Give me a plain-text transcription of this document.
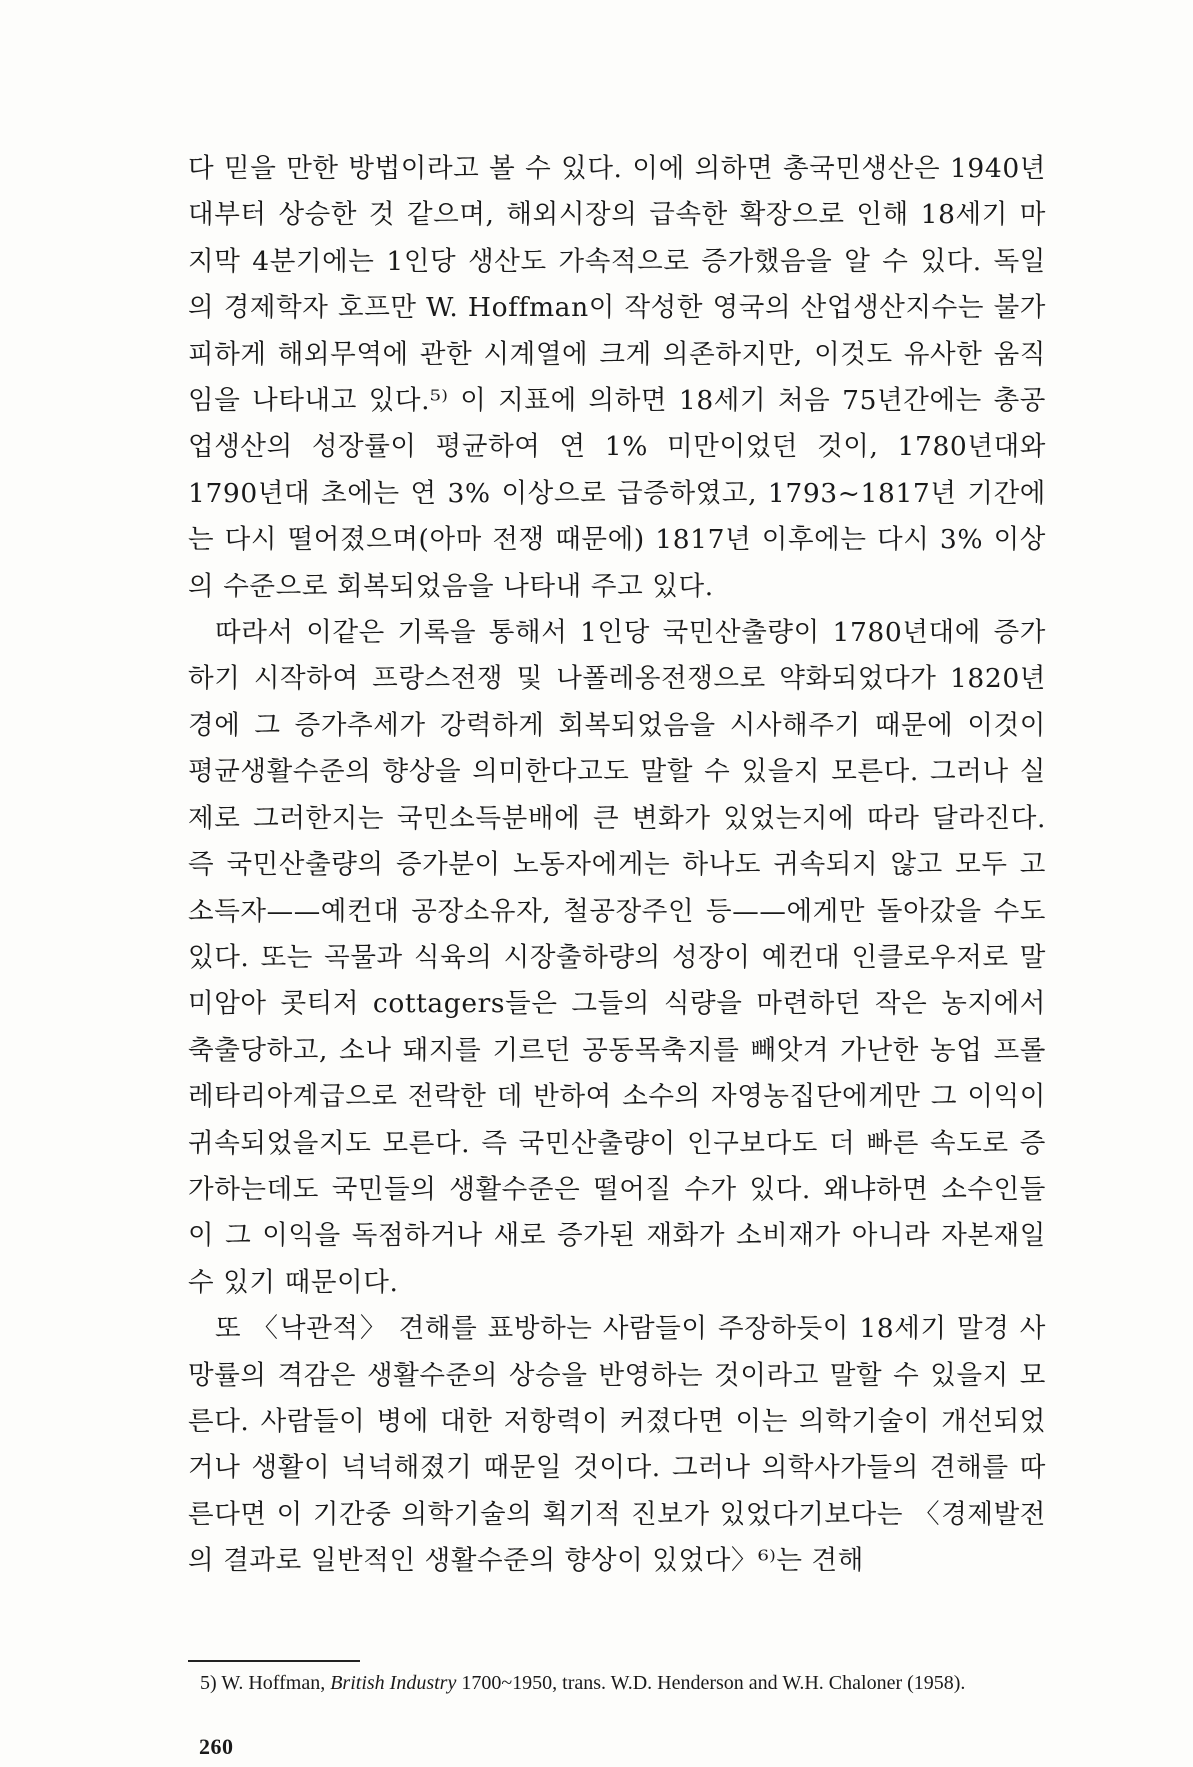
다 믿을 만한 방법이라고 볼 수 있다. 이에 의하면 총국민생산은 1940년대부터 상승한 것 같으며, 해외시장의 급속한 확장으로 인해 18세기 마지막 4분기에는 1인당 생산도 가속적으로 증가했음을 알 수 있다. 독일의 경제학자 호프만 W. Hoffman이 작성한 영국의 산업생산지수는 불가피하게 해외무역에 관한 시계열에 크게 의존하지만, 이것도 유사한 움직임을 나타내고 있다.⁵⁾ 이 지표에 의하면 18세기 처음 75년간에는 총공업생산의 성장률이 평균하여 연 1% 미만이었던 것이, 1780년대와 1790년대 초에는 연 3% 이상으로 급증하였고, 1793~1817년 기간에는 다시 떨어졌으며(아마 전쟁 때문에) 1817년 이후에는 다시 3% 이상의 수준으로 회복되었음을 나타내 주고 있다.

따라서 이같은 기록을 통해서 1인당 국민산출량이 1780년대에 증가하기 시작하여 프랑스전쟁 및 나폴레옹전쟁으로 약화되었다가 1820년 경에 그 증가추세가 강력하게 회복되었음을 시사해주기 때문에 이것이 평균생활수준의 향상을 의미한다고도 말할 수 있을지 모른다. 그러나 실제로 그러한지는 국민소득분배에 큰 변화가 있었는지에 따라 달라진다. 즉 국민산출량의 증가분이 노동자에게는 하나도 귀속되지 않고 모두 고소득자——예컨대 공장소유자, 철공장주인 등——에게만 돌아갔을 수도 있다. 또는 곡물과 식육의 시장출하량의 성장이 예컨대 인클로우저로 말미암아 콧티저 cottagers들은 그들의 식량을 마련하던 작은 농지에서 축출당하고, 소나 돼지를 기르던 공동목축지를 빼앗겨 가난한 농업 프롤레타리아계급으로 전락한 데 반하여 소수의 자영농집단에게만 그 이익이 귀속되었을지도 모른다. 즉 국민산출량이 인구보다도 더 빠른 속도로 증가하는데도 국민들의 생활수준은 떨어질 수가 있다. 왜냐하면 소수인들이 그 이익을 독점하거나 새로 증가된 재화가 소비재가 아니라 자본재일 수 있기 때문이다.

또 〈낙관적〉 견해를 표방하는 사람들이 주장하듯이 18세기 말경 사망률의 격감은 생활수준의 상승을 반영하는 것이라고 말할 수 있을지 모른다. 사람들이 병에 대한 저항력이 커졌다면 이는 의학기술이 개선되었거나 생활이 넉넉해졌기 때문일 것이다. 그러나 의학사가들의 견해를 따른다면 이 기간중 의학기술의 획기적 진보가 있었다기보다는 〈경제발전의 결과로 일반적인 생활수준의 향상이 있었다〉⁶⁾는 견해

5) W. Hoffman, British Industry 1700~1950, trans. W.D. Henderson and W.H. Chaloner (1958).

260
